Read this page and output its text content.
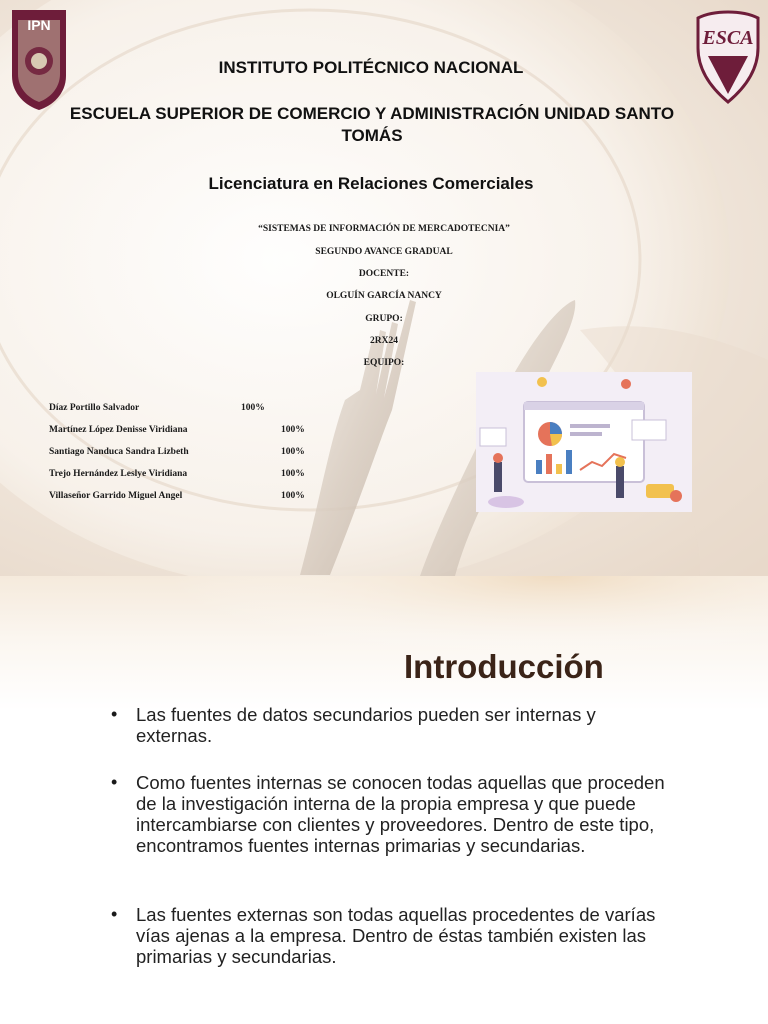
IPN
ESCA
INSTITUTO POLITÉCNICO NACIONAL
ESCUELA SUPERIOR DE COMERCIO Y ADMINISTRACIÓN UNIDAD SANTO TOMÁS
Licenciatura en Relaciones Comerciales
“SISTEMAS DE INFORMACIÓN DE MERCADOTECNIA”
SEGUNDO AVANCE GRADUAL
DOCENTE:
OLGUÍN GARCÍA NANCY
GRUPO:
2RX24
EQUIPO:
Díaz Portillo Salvador	100%
Martínez López Denisse Viridiana	100%
Santiago Nanduca Sandra Lizbeth	100%
Trejo Hernández Leslye Viridiana	100%
Villaseñor Garrido Miguel Angel	100%
Introducción
• Las fuentes de datos secundarios pueden ser internas y externas.
• Como fuentes internas se conocen todas aquellas que proceden de la investigación interna de la propia empresa y que puede intercambiarse con clientes y proveedores. Dentro de este tipo, encontramos fuentes internas primarias y secundarias.
• Las fuentes externas son todas aquellas procedentes de varías vías ajenas a la empresa. Dentro de éstas también existen las primarias y secundarias.
